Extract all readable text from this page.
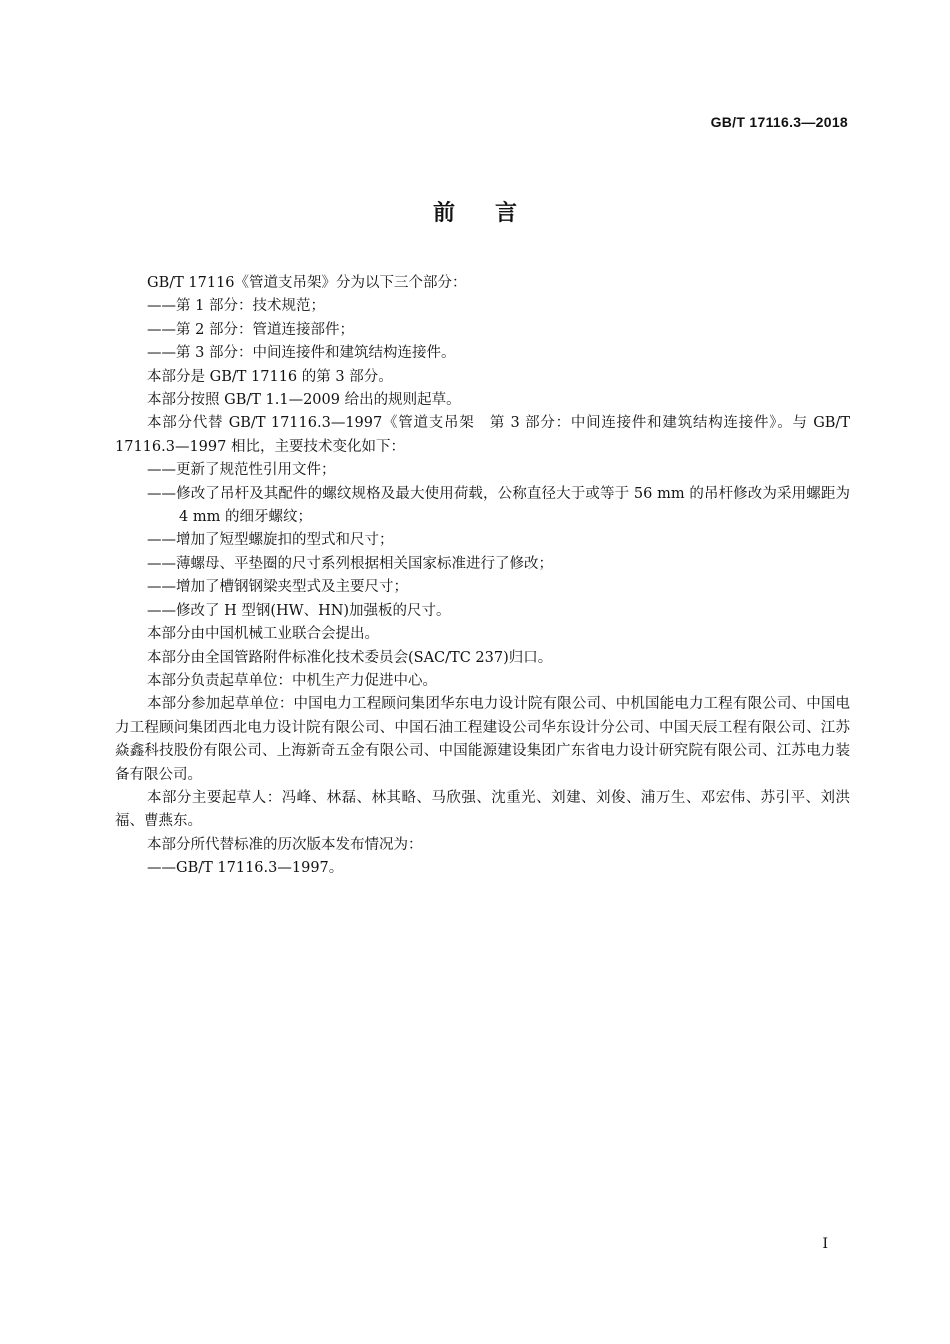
GB/T 17116.3—2018
前言

GB/T 17116《管道支吊架》分为以下三个部分：

——第 1 部分：技术规范；

——第 2 部分：管道连接部件；

——第 3 部分：中间连接件和建筑结构连接件。

本部分是 GB/T 17116 的第 3 部分。

本部分按照 GB/T 1.1—2009 给出的规则起草。

本部分代替 GB/T 17116.3—1997《管道支吊架　第 3 部分：中间连接件和建筑结构连接件》。与 GB/T 17116.3—1997 相比，主要技术变化如下：

——更新了规范性引用文件；

——修改了吊杆及其配件的螺纹规格及最大使用荷载，公称直径大于或等于 56 mm 的吊杆修改为采用螺距为 4 mm 的细牙螺纹；

——增加了短型螺旋扣的型式和尺寸；

——薄螺母、平垫圈的尺寸系列根据相关国家标准进行了修改；

——增加了槽钢钢梁夹型式及主要尺寸；

——修改了 H 型钢(HW、HN)加强板的尺寸。

本部分由中国机械工业联合会提出。

本部分由全国管路附件标准化技术委员会(SAC/TC 237)归口。

本部分负责起草单位：中机生产力促进中心。

本部分参加起草单位：中国电力工程顾问集团华东电力设计院有限公司、中机国能电力工程有限公司、中国电力工程顾问集团西北电力设计院有限公司、中国石油工程建设公司华东设计分公司、中国天辰工程有限公司、江苏焱鑫科技股份有限公司、上海新奇五金有限公司、中国能源建设集团广东省电力设计研究院有限公司、江苏电力装备有限公司。

本部分主要起草人：冯峰、林磊、林其略、马欣强、沈重光、刘建、刘俊、浦万生、邓宏伟、苏引平、刘洪福、曹燕东。

本部分所代替标准的历次版本发布情况为：

——GB/T 17116.3—1997。

I
